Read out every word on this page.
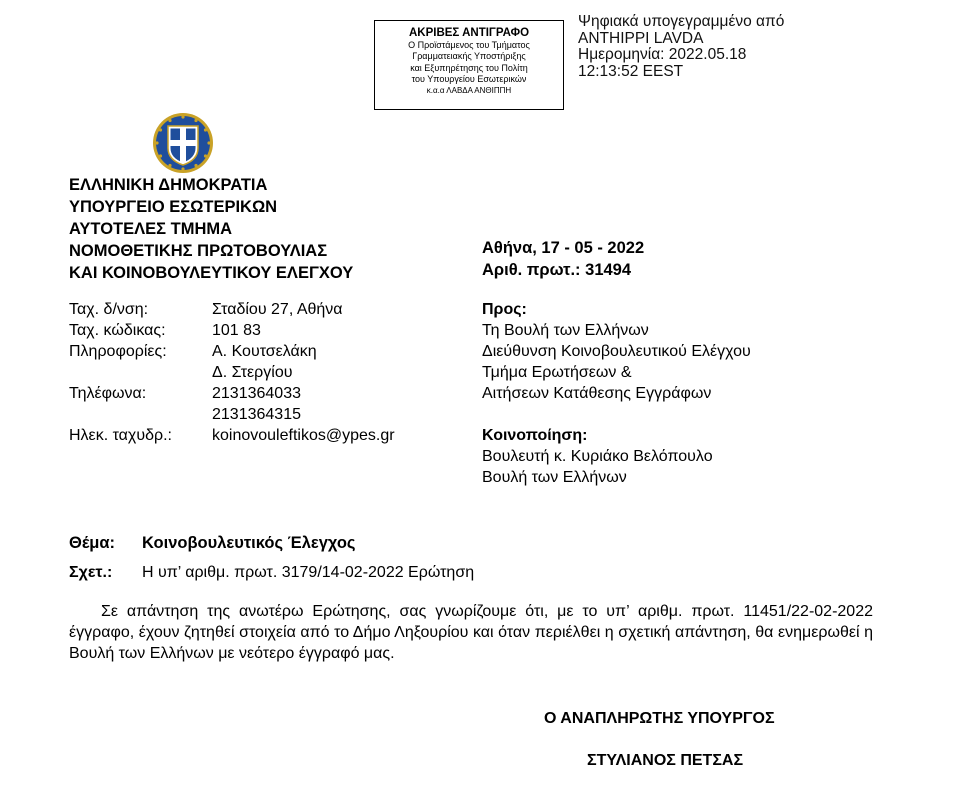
ΑΚΡΙΒΕΣ ΑΝΤΙΓΡΑΦΟ
Ο Προϊστάμενος του Τμήματος
Γραμματειακής Υποστήριξης
και Εξυπηρέτησης του Πολίτη
του Υπουργείου Εσωτερικών
κ.α.α ΛΑΒΔΑ ΑΝΘΙΠΠΗ
Ψηφιακά υπογεγραμμένο από
ANTHIPPI LAVDA
Ημερομηνία: 2022.05.18
12:13:52 EEST
ΕΛΛΗΝΙΚΗ ΔΗΜΟΚΡΑΤΙΑ
ΥΠΟΥΡΓΕΙΟ ΕΣΩΤΕΡΙΚΩΝ
ΑΥΤΟΤΕΛΕΣ ΤΜΗΜΑ
ΝΟΜΟΘΕΤΙΚΗΣ ΠΡΩΤΟΒΟΥΛΙΑΣ
ΚΑΙ ΚΟΙΝΟΒΟΥΛΕΥΤΙΚΟΥ ΕΛΕΓΧΟΥ
Αθήνα, 17 - 05 - 2022
Αριθ. πρωτ.: 31494
Ταχ. δ/νση:	Σταδίου 27, Αθήνα
Ταχ. κώδικας:	101 83
Πληροφορίες:	Α. Κουτσελάκη
Δ. Στεργίου
Τηλέφωνα:	2131364033
2131364315
Ηλεκ. ταχυδρ.:	koinovouleftikos@ypes.gr
Προς:
Τη Βουλή των Ελλήνων
Διεύθυνση Κοινοβουλευτικού Ελέγχου
Τμήμα Ερωτήσεων &
Αιτήσεων Κατάθεσης Εγγράφων
Κοινοποίηση:
Βουλευτή κ. Κυριάκο Βελόπουλο
Βουλή των Ελλήνων
Θέμα: Κοινοβουλευτικός Έλεγχος
Σχετ.: Η υπ’ αριθμ. πρωτ. 3179/14-02-2022 Ερώτηση
Σε απάντηση της ανωτέρω Ερώτησης, σας γνωρίζουμε ότι, με το υπ’ αριθμ. πρωτ. 11451/22-02-2022 έγγραφο, έχουν ζητηθεί στοιχεία από το Δήμο Ληξουρίου και όταν περιέλθει η σχετική απάντηση, θα ενημερωθεί η Βουλή των Ελλήνων με νεότερο έγγραφό μας.
Ο ΑΝΑΠΛΗΡΩΤΗΣ ΥΠΟΥΡΓΟΣ
ΣΤΥΛΙΑΝΟΣ ΠΕΤΣΑΣ
